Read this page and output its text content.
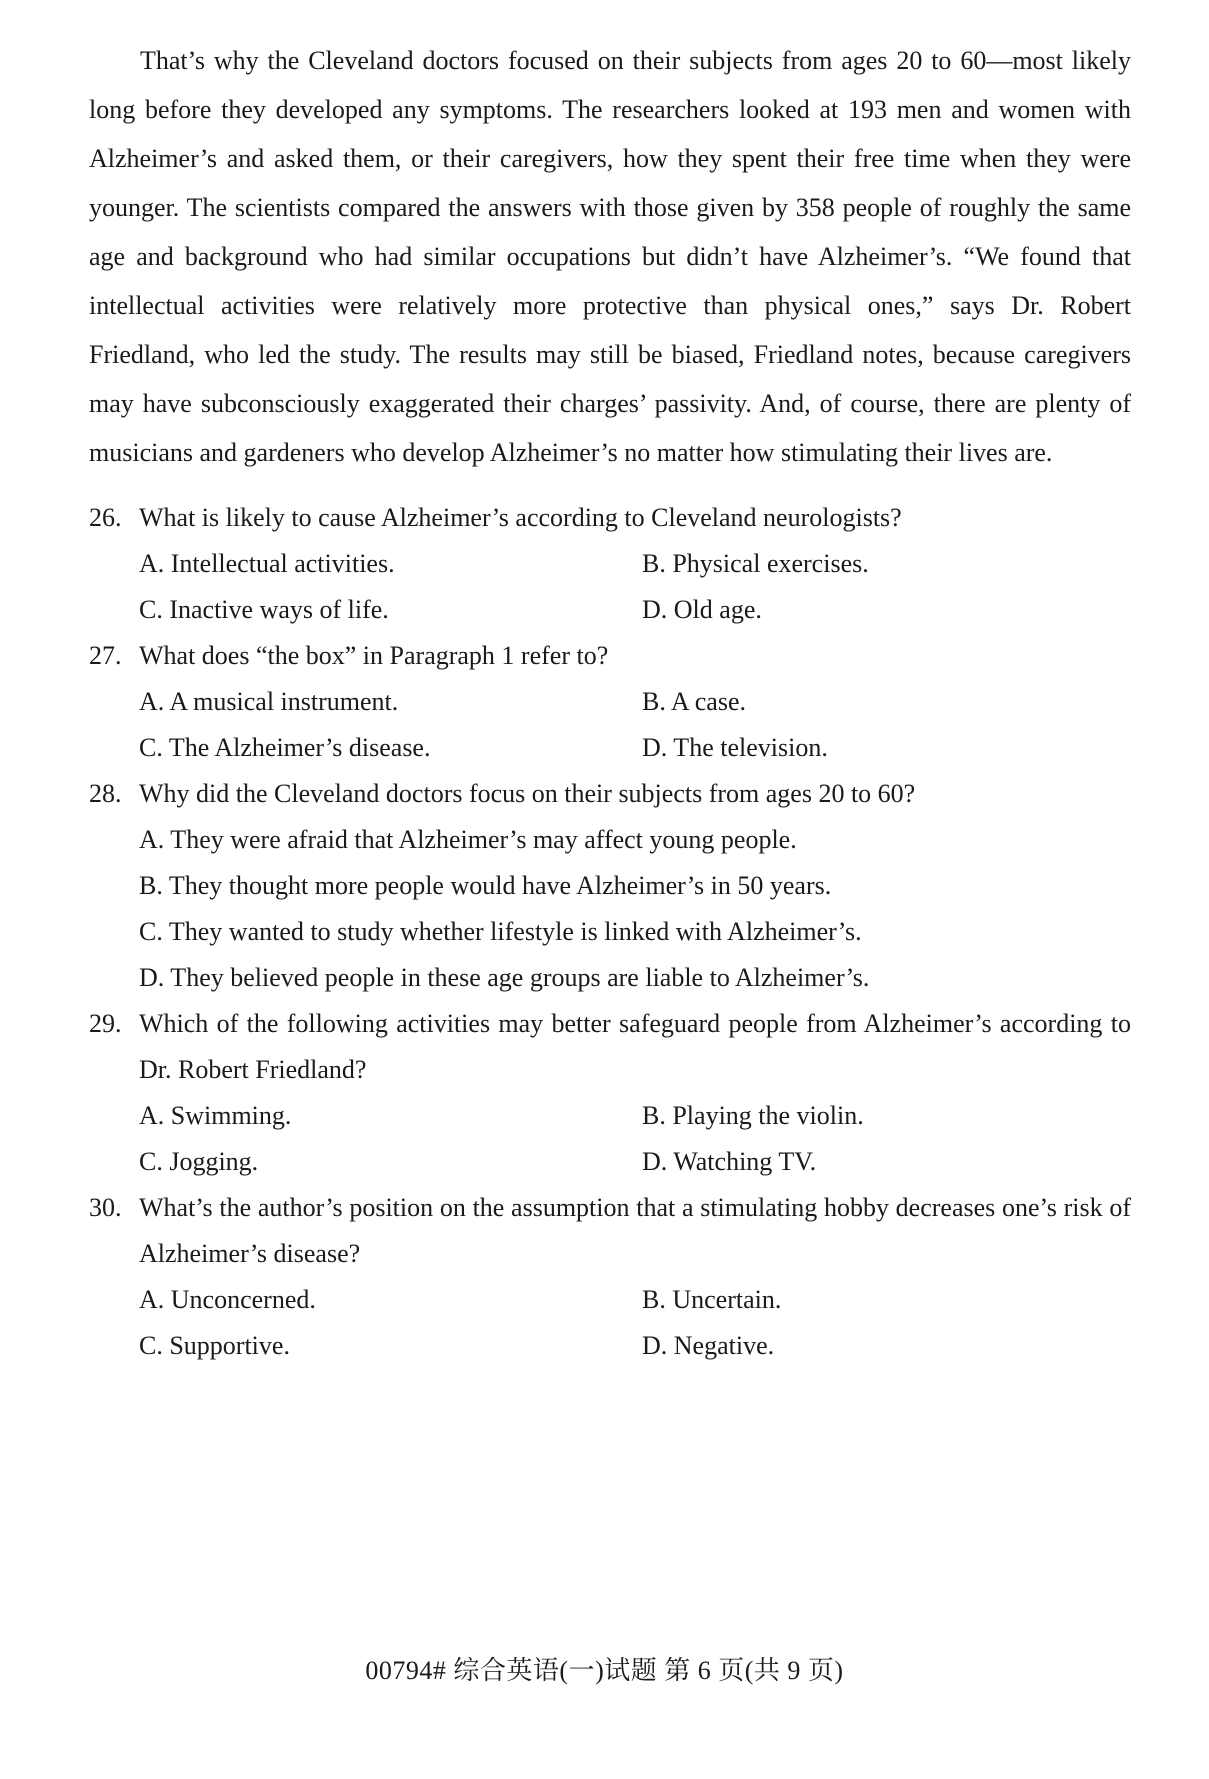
That’s why the Cleveland doctors focused on their subjects from ages 20 to 60—most likely long before they developed any symptoms. The researchers looked at 193 men and women with Alzheimer’s and asked them, or their caregivers, how they spent their free time when they were younger. The scientists compared the answers with those given by 358 people of roughly the same age and background who had similar occupations but didn’t have Alzheimer’s. “We found that intellectual activities were relatively more protective than physical ones,” says Dr. Robert Friedland, who led the study. The results may still be biased, Friedland notes, because caregivers may have subconsciously exaggerated their charges’ passivity. And, of course, there are plenty of musicians and gardeners who develop Alzheimer’s no matter how stimulating their lives are.

26. What is likely to cause Alzheimer’s according to Cleveland neurologists?
A. Intellectual activities.	B. Physical exercises.
C. Inactive ways of life.	D. Old age.
27. What does “the box” in Paragraph 1 refer to?
A. A musical instrument.	B. A case.
C. The Alzheimer’s disease.	D. The television.
28. Why did the Cleveland doctors focus on their subjects from ages 20 to 60?
A. They were afraid that Alzheimer’s may affect young people.
B. They thought more people would have Alzheimer’s in 50 years.
C. They wanted to study whether lifestyle is linked with Alzheimer’s.
D. They believed people in these age groups are liable to Alzheimer’s.
29. Which of the following activities may better safeguard people from Alzheimer’s according to Dr. Robert Friedland?
A. Swimming.	B. Playing the violin.
C. Jogging.	D. Watching TV.
30. What’s the author’s position on the assumption that a stimulating hobby decreases one’s risk of Alzheimer’s disease?
A. Unconcerned.	B. Uncertain.
C. Supportive.	D. Negative.
00794# 综合英语(一)试题 第 6 页(共 9 页)
